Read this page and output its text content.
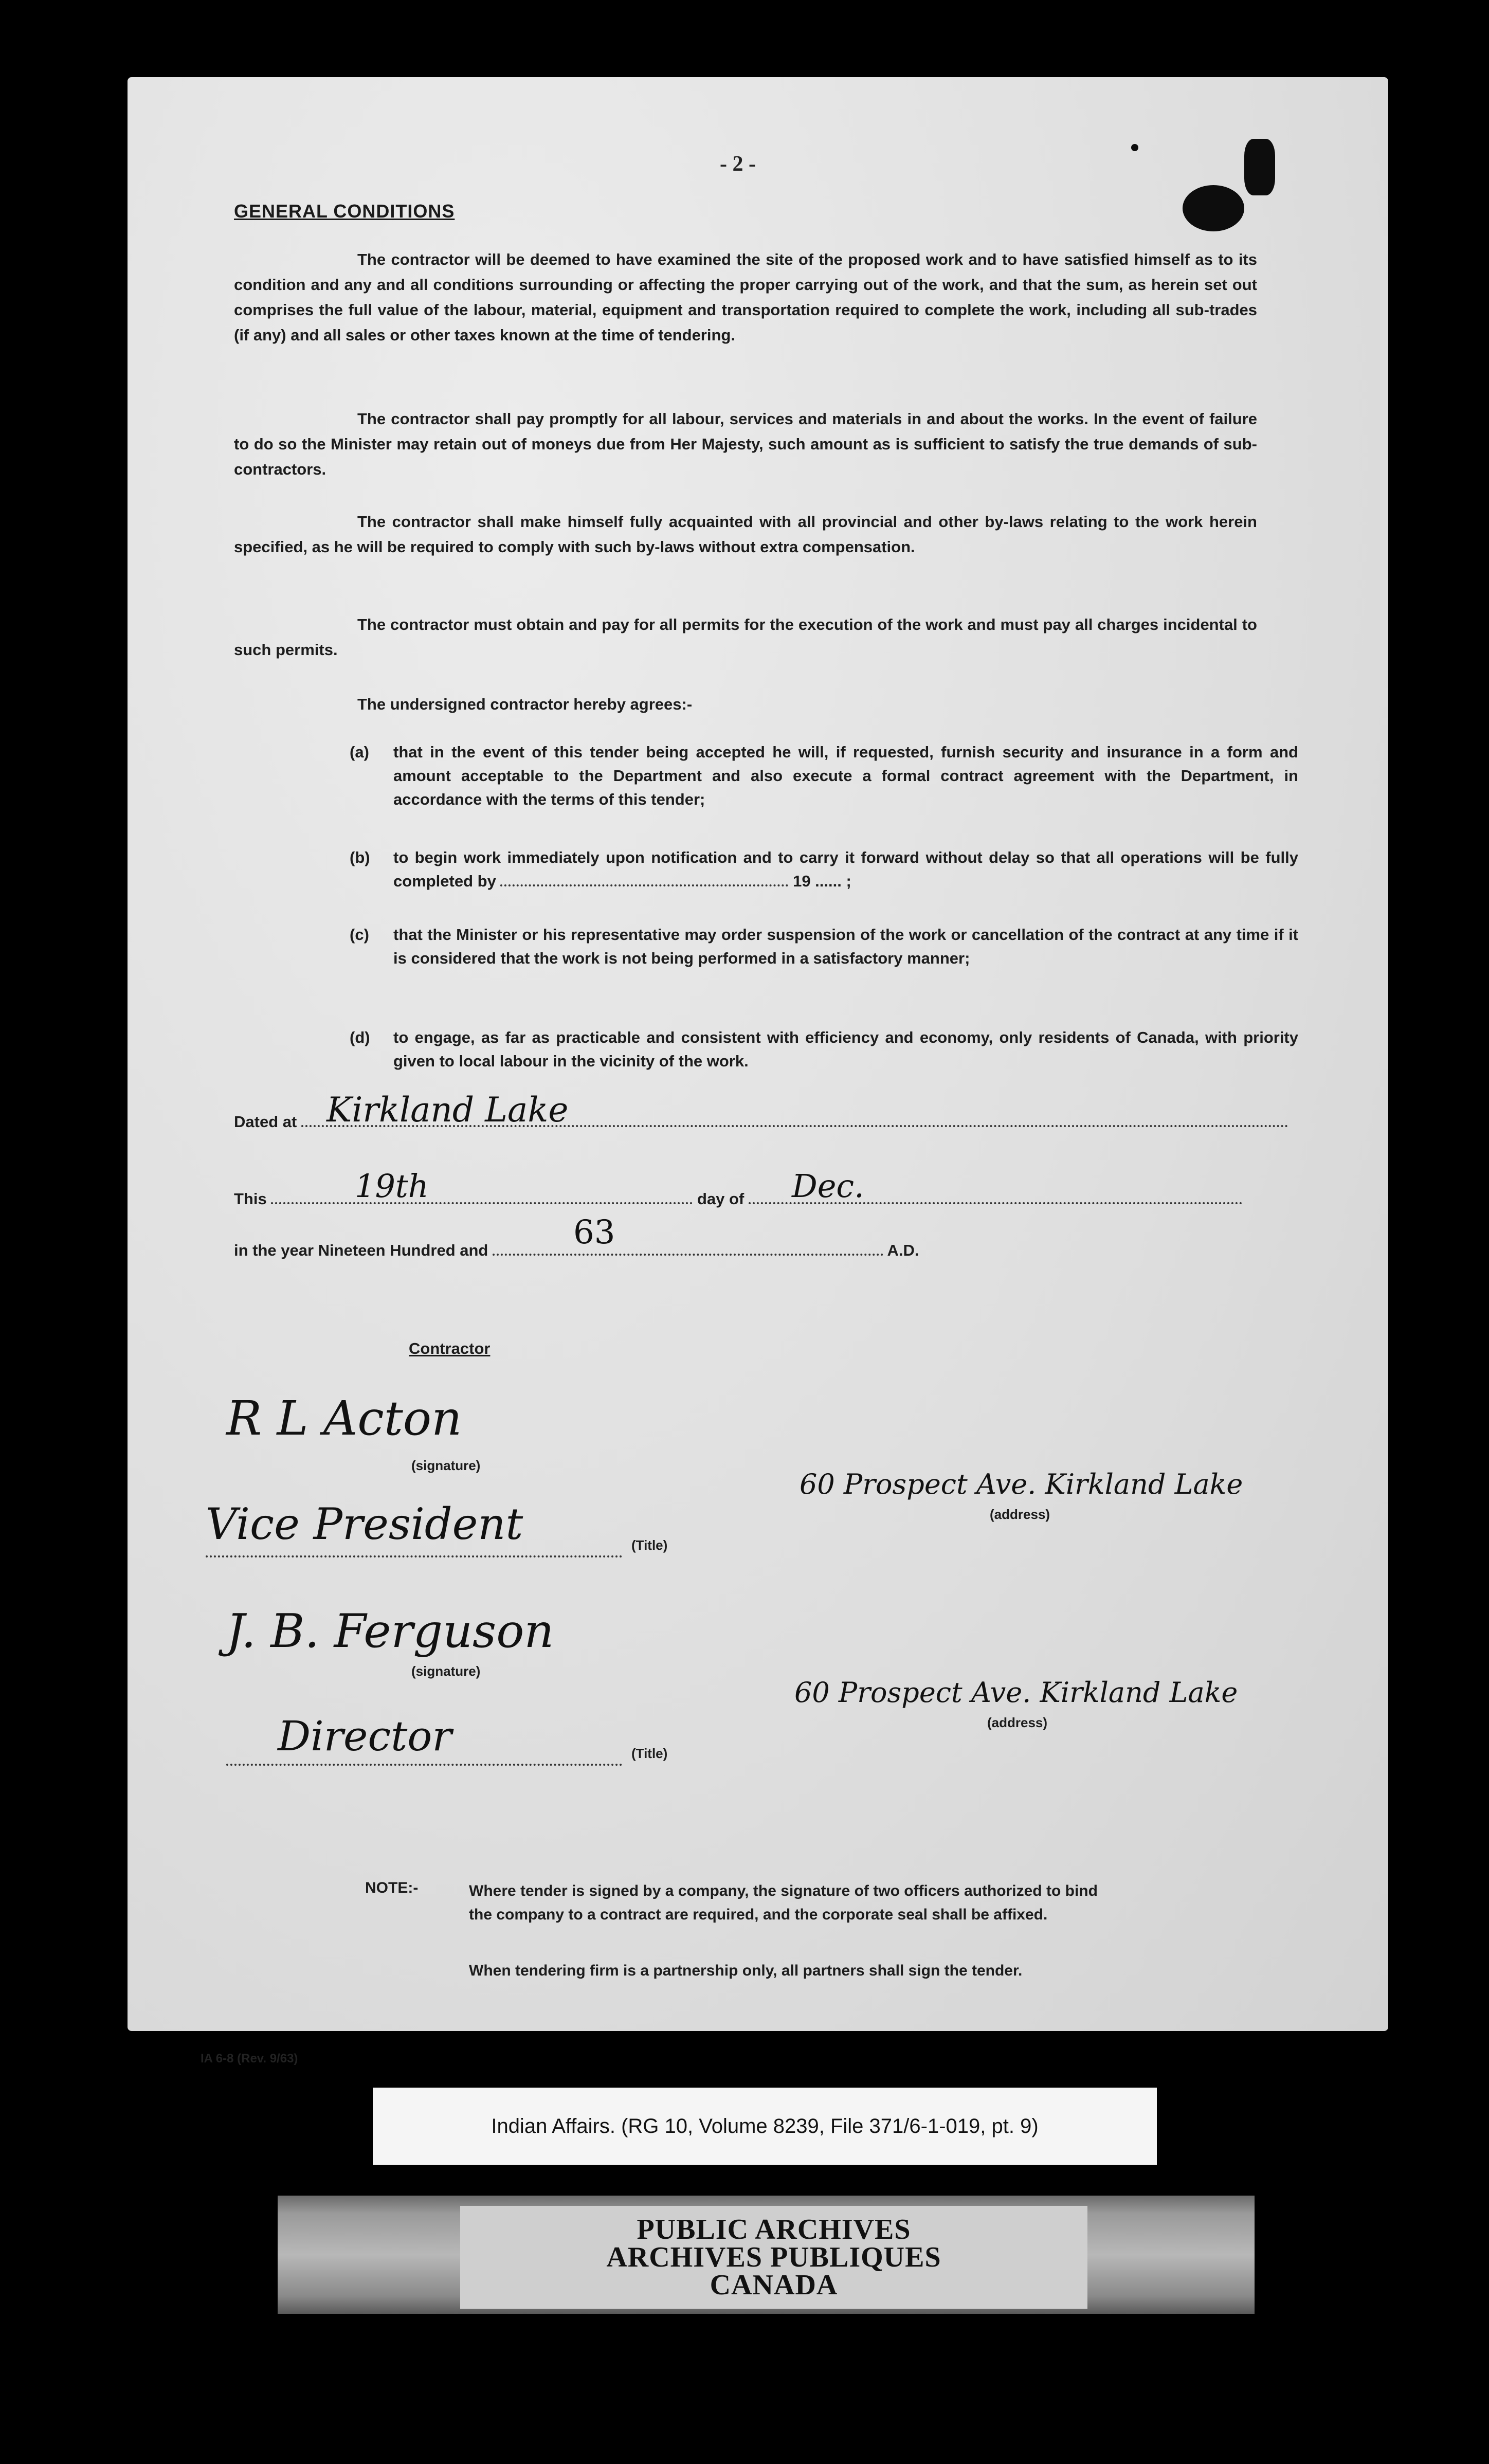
- 2 -
GENERAL CONDITIONS
The contractor will be deemed to have examined the site of the proposed work and to have satisfied himself as to its condition and any and all conditions surrounding or affecting the proper carrying out of the work, and that the sum, as herein set out comprises the full value of the labour, material, equipment and transportation required to complete the work, including all sub-trades (if any) and all sales or other taxes known at the time of tendering.
The contractor shall pay promptly for all labour, services and materials in and about the works. In the event of failure to do so the Minister may retain out of moneys due from Her Majesty, such amount as is sufficient to satisfy the true demands of sub-contractors.
The contractor shall make himself fully acquainted with all provincial and other by-laws relating to the work herein specified, as he will be required to comply with such by-laws without extra compensation.
The contractor must obtain and pay for all permits for the execution of the work and must pay all charges incidental to such permits.
The undersigned contractor hereby agrees:-
(a) that in the event of this tender being accepted he will, if requested, furnish security and insurance in a form and amount acceptable to the Department and also execute a formal contract agreement with the Department, in accordance with the terms of this tender;
(b) to begin work immediately upon notification and to carry it forward without delay so that all operations will be fully completed by	19 ...... ;
(c) that the Minister or his representative may order suspension of the work or cancellation of the contract at any time if it is considered that the work is not being performed in a satisfactory manner;
(d) to engage, as far as practicable and consistent with efficiency and economy, only residents of Canada, with priority given to local labour in the vicinity of the work.
Dated at Kirkland Lake
This	day of
19th	Dec.
in the year Nineteen Hundred and	A.D.
63
Contractor
R L Acton
(signature)
Vice President	(Title)
J. B. Ferguson
(signature)
Director	(Title)
60 Prospect Ave. Kirkland Lake
(address)
60 Prospect Ave. Kirkland Lake
(address)
NOTE:-	Where tender is signed by a company, the signature of two officers authorized to bind the company to a contract are required, and the corporate seal shall be affixed.
When tendering firm is a partnership only, all partners shall sign the tender.
IA 6-8 (Rev. 9/63)
Indian Affairs. (RG 10, Volume 8239, File 371/6-1-019, pt. 9)
PUBLIC ARCHIVES
ARCHIVES PUBLIQUES
CANADA
